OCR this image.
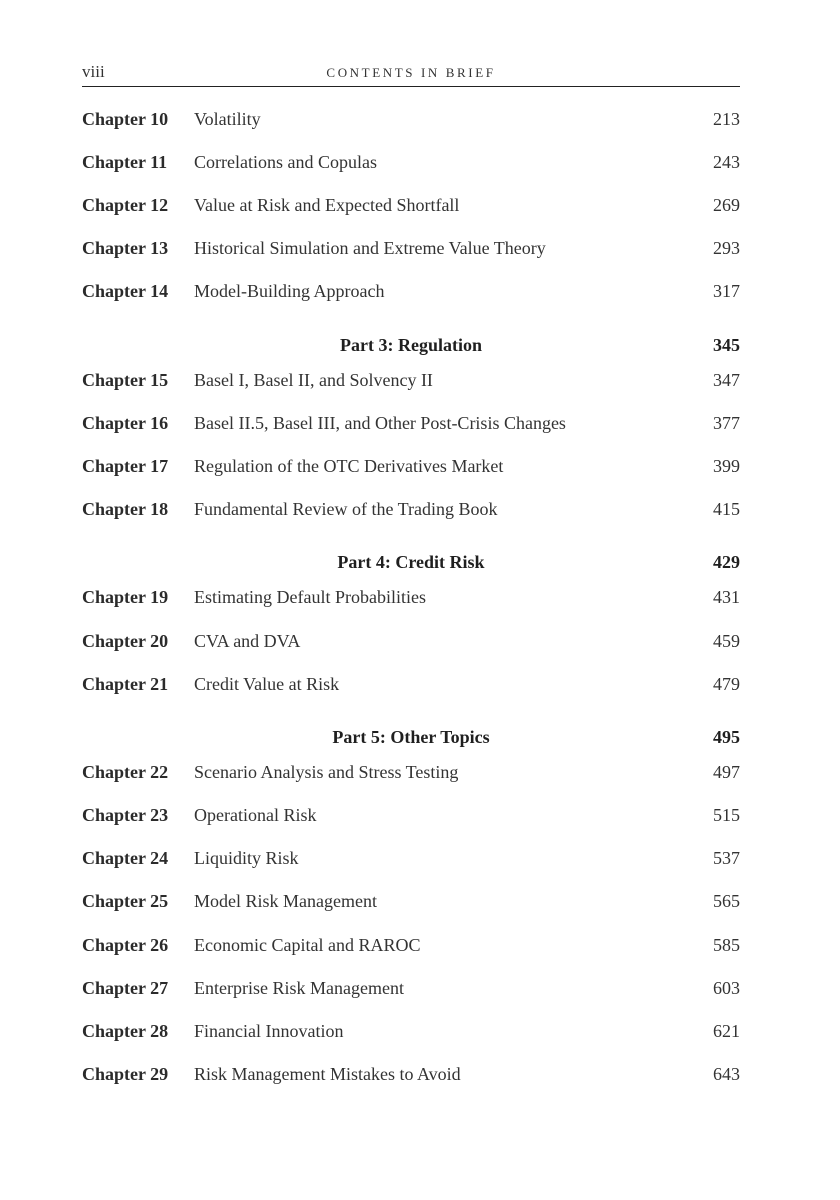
viii	CONTENTS IN BRIEF
Chapter 10 Volatility	213
Chapter 11 Correlations and Copulas	243
Chapter 12 Value at Risk and Expected Shortfall	269
Chapter 13 Historical Simulation and Extreme Value Theory	293
Chapter 14 Model-Building Approach	317
Part 3: Regulation	345
Chapter 15 Basel I, Basel II, and Solvency II	347
Chapter 16 Basel II.5, Basel III, and Other Post-Crisis Changes	377
Chapter 17 Regulation of the OTC Derivatives Market	399
Chapter 18 Fundamental Review of the Trading Book	415
Part 4: Credit Risk	429
Chapter 19 Estimating Default Probabilities	431
Chapter 20 CVA and DVA	459
Chapter 21 Credit Value at Risk	479
Part 5: Other Topics	495
Chapter 22 Scenario Analysis and Stress Testing	497
Chapter 23 Operational Risk	515
Chapter 24 Liquidity Risk	537
Chapter 25 Model Risk Management	565
Chapter 26 Economic Capital and RAROC	585
Chapter 27 Enterprise Risk Management	603
Chapter 28 Financial Innovation	621
Chapter 29 Risk Management Mistakes to Avoid	643
